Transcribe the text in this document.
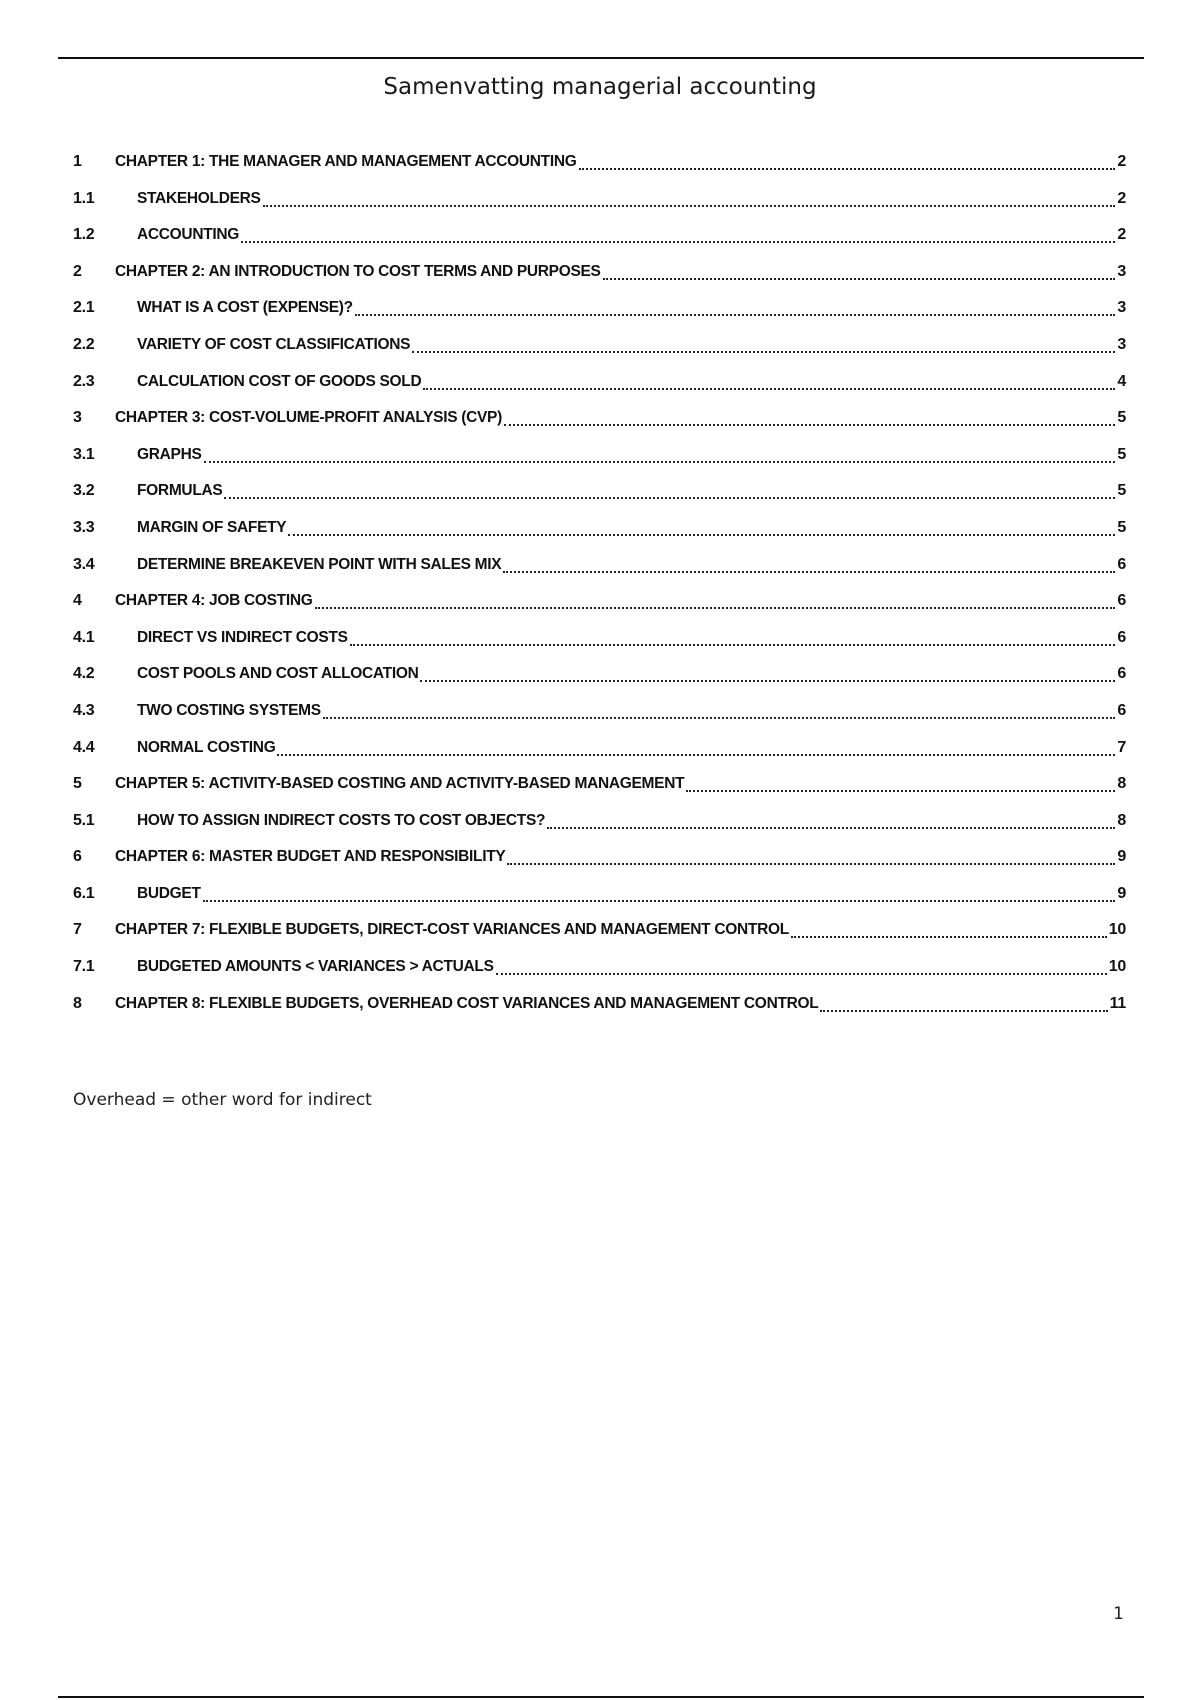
Samenvatting managerial accounting
1	CHAPTER 1: THE MANAGER AND MANAGEMENT ACCOUNTING	2
1.1	STAKEHOLDERS	2
1.2	ACCOUNTING	2
2	CHAPTER 2: AN INTRODUCTION TO COST TERMS AND PURPOSES	3
2.1	WHAT IS A COST (EXPENSE)?	3
2.2	VARIETY OF COST CLASSIFICATIONS	3
2.3	CALCULATION COST OF GOODS SOLD	4
3	CHAPTER 3: COST-VOLUME-PROFIT ANALYSIS (CVP)	5
3.1	GRAPHS	5
3.2	FORMULAS	5
3.3	MARGIN OF SAFETY	5
3.4	DETERMINE BREAKEVEN POINT WITH SALES MIX	6
4	CHAPTER 4: JOB COSTING	6
4.1	DIRECT VS INDIRECT COSTS	6
4.2	COST POOLS AND COST ALLOCATION	6
4.3	TWO COSTING SYSTEMS	6
4.4	NORMAL COSTING	7
5	CHAPTER 5: ACTIVITY-BASED COSTING AND ACTIVITY-BASED MANAGEMENT	8
5.1	HOW TO ASSIGN INDIRECT COSTS TO COST OBJECTS?	8
6	CHAPTER 6: MASTER BUDGET AND RESPONSIBILITY	9
6.1	BUDGET	9
7	CHAPTER 7: FLEXIBLE BUDGETS, DIRECT-COST VARIANCES AND MANAGEMENT CONTROL	10
7.1	BUDGETED AMOUNTS < VARIANCES > ACTUALS	10
8	CHAPTER 8: FLEXIBLE BUDGETS, OVERHEAD COST VARIANCES AND MANAGEMENT CONTROL	11
Overhead = other word for indirect
1
